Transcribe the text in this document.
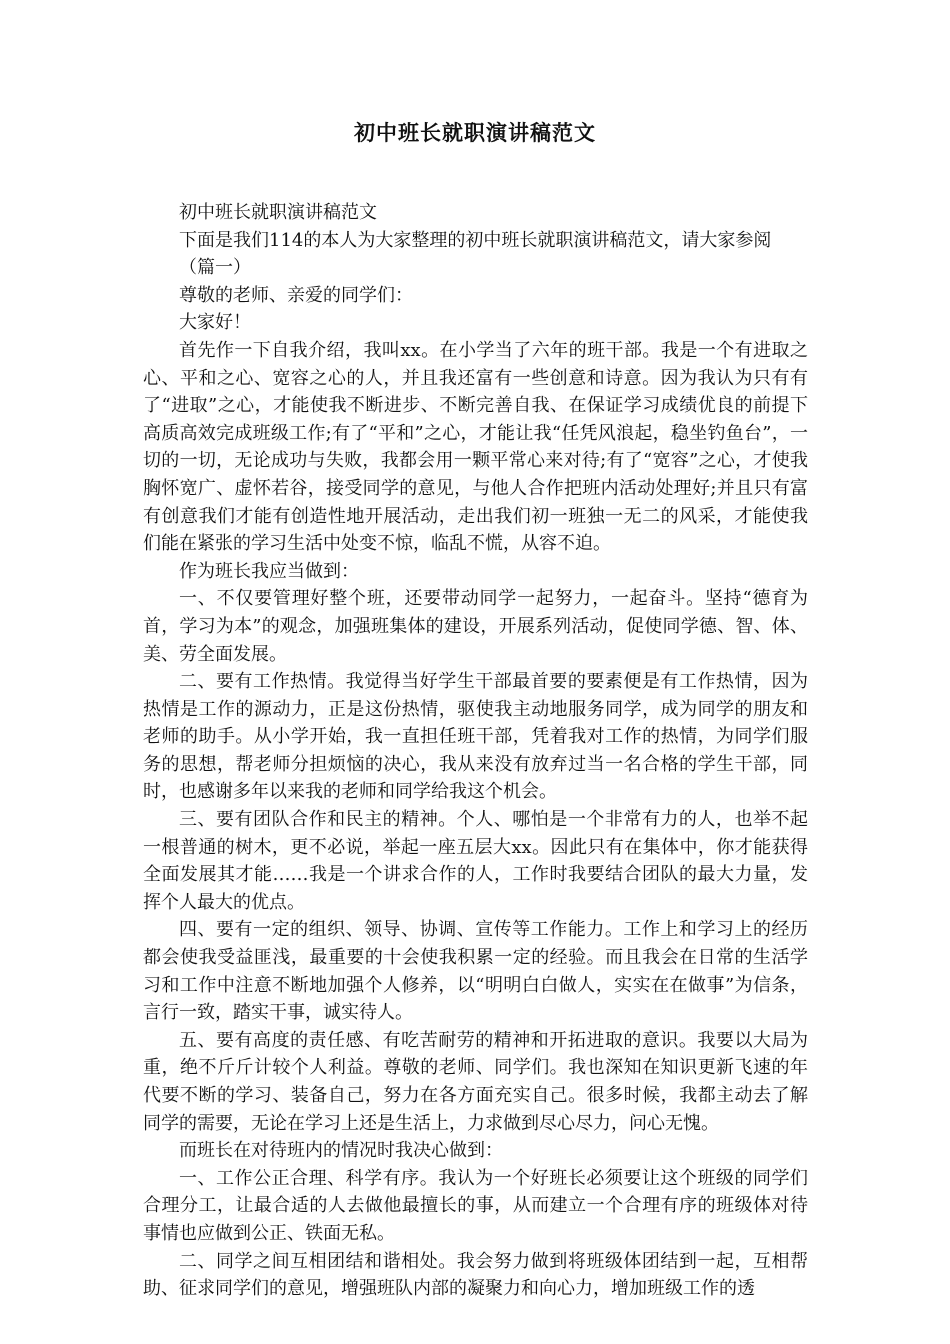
初中班长就职演讲稿范文

初中班长就职演讲稿范文

下面是我们114的本人为大家整理的初中班长就职演讲稿范文，请大家参阅

（篇一）

尊敬的老师、亲爱的同学们：

大家好！

首先作一下自我介绍，我叫xx。在小学当了六年的班干部。我是一个有进取之心、平和之心、宽容之心的人，并且我还富有一些创意和诗意。因为我认为只有有了“进取”之心，才能使我不断进步、不断完善自我、在保证学习成绩优良的前提下高质高效完成班级工作;有了“平和”之心，才能让我“任凭风浪起，稳坐钓鱼台”，一切的一切，无论成功与失败，我都会用一颗平常心来对待;有了“宽容”之心，才使我胸怀宽广、虚怀若谷，接受同学的意见，与他人合作把班内活动处理好;并且只有富有创意我们才能有创造性地开展活动，走出我们初一班独一无二的风采，才能使我们能在紧张的学习生活中处变不惊，临乱不慌，从容不迫。

作为班长我应当做到：

一、不仅要管理好整个班，还要带动同学一起努力，一起奋斗。坚持“德育为首，学习为本”的观念，加强班集体的建设，开展系列活动，促使同学德、智、体、美、劳全面发展。

二、要有工作热情。我觉得当好学生干部最首要的要素便是有工作热情，因为热情是工作的源动力，正是这份热情，驱使我主动地服务同学，成为同学的朋友和老师的助手。从小学开始，我一直担任班干部，凭着我对工作的热情，为同学们服务的思想，帮老师分担烦恼的决心，我从来没有放弃过当一名合格的学生干部，同时，也感谢多年以来我的老师和同学给我这个机会。

三、要有团队合作和民主的精神。个人、哪怕是一个非常有力的人，也举不起一根普通的树木，更不必说，举起一座五层大xx。因此只有在集体中，你才能获得全面发展其才能……我是一个讲求合作的人，工作时我要结合团队的最大力量，发挥个人最大的优点。

四、要有一定的组织、领导、协调、宣传等工作能力。工作上和学习上的经历都会使我受益匪浅，最重要的十会使我积累一定的经验。而且我会在日常的生活学习和工作中注意不断地加强个人修养，以“明明白白做人，实实在在做事”为信条，言行一致，踏实干事，诚实待人。

五、要有高度的责任感、有吃苦耐劳的精神和开拓进取的意识。我要以大局为重，绝不斤斤计较个人利益。尊敬的老师、同学们。我也深知在知识更新飞速的年代要不断的学习、装备自己，努力在各方面充实自己。很多时候，我都主动去了解同学的需要，无论在学习上还是生活上，力求做到尽心尽力，问心无愧。

而班长在对待班内的情况时我决心做到：

一、工作公正合理、科学有序。我认为一个好班长必须要让这个班级的同学们合理分工，让最合适的人去做他最擅长的事，从而建立一个合理有序的班级体对待事情也应做到公正、铁面无私。

二、同学之间互相团结和谐相处。我会努力做到将班级体团结到一起，互相帮助、征求同学们的意见，增强班队内部的凝聚力和向心力，增加班级工作的透
